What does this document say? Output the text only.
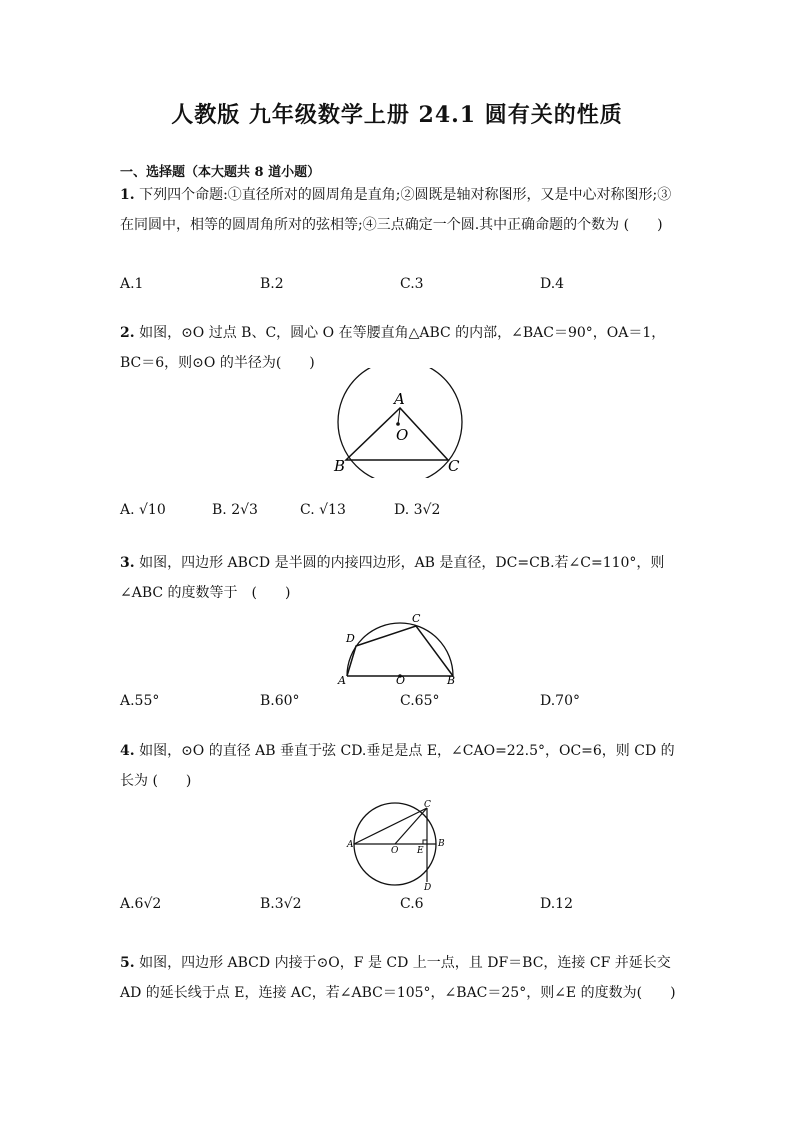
人教版 九年级数学上册 24.1 圆有关的性质
一、选择题（本大题共 8 道小题）
1. 下列四个命题:①直径所对的圆周角是直角;②圆既是轴对称图形，又是中心对称图形;③在同圆中，相等的圆周角所对的弦相等;④三点确定一个圆.其中正确命题的个数为 (　　)
A.1	B.2	C.3	D.4
2. 如图，⊙O 过点 B、C，圆心 O 在等腰直角△ABC 的内部，∠BAC＝90°，OA＝1，BC＝6，则⊙O 的半径为(　　)
A
O
B	C
A. √10	B. 2√3	C. √13	D. 3√2
3. 如图，四边形 ABCD 是半圆的内接四边形，AB 是直径，DC=CB.若∠C=110°，则∠ABC 的度数等于　(　　)
A	O	B
C
D
A.55°	B.60°	C.65°	D.70°
4. 如图，⊙O 的直径 AB 垂直于弦 CD.垂足是点 E，∠CAO=22.5°，OC=6，则 CD 的长为 (　　)
A
O E
B
C
D
A.6√2	B.3√2	C.6	D.12
5. 如图，四边形 ABCD 内接于⊙O，F 是 CD 上一点，且 DF＝BC，连接 CF 并延长交 AD 的延长线于点 E，连接 AC，若∠ABC＝105°，∠BAC＝25°，则∠E 的度数为(　　)
